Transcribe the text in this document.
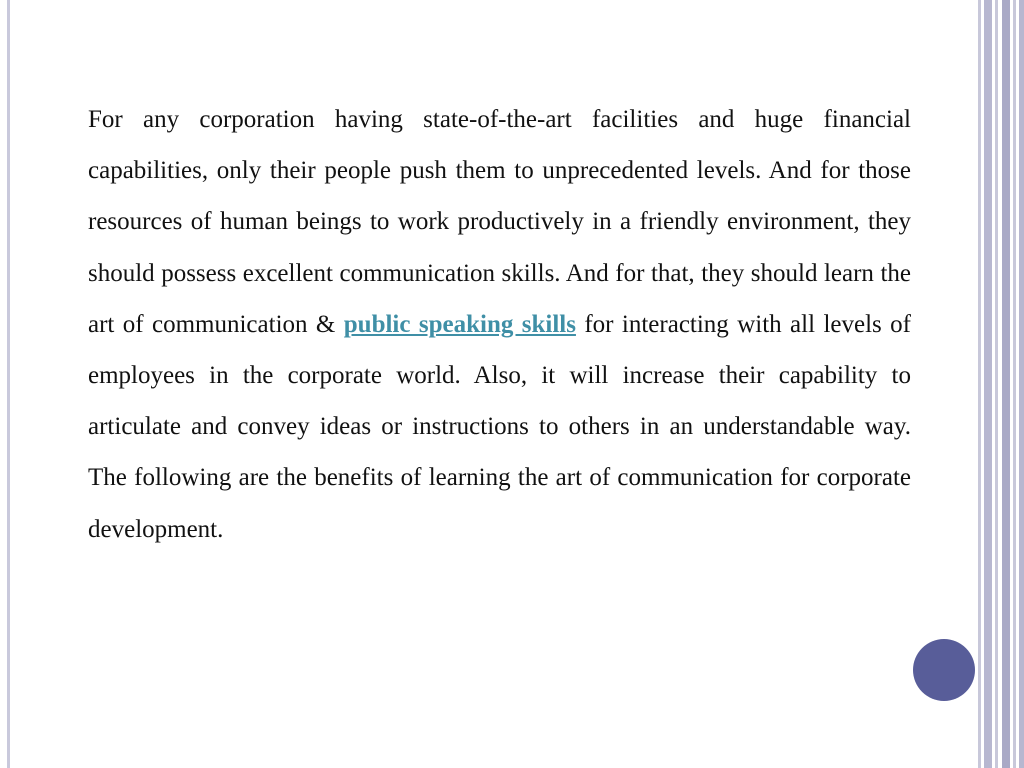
For any corporation having state-of-the-art facilities and huge financial capabilities, only their people push them to unprecedented levels. And for those resources of human beings to work productively in a friendly environment, they should possess excellent communication skills. And for that, they should learn the art of communication & public speaking skills for interacting with all levels of employees in the corporate world. Also, it will increase their capability to articulate and convey ideas or instructions to others in an understandable way. The following are the benefits of learning the art of communication for corporate development.
